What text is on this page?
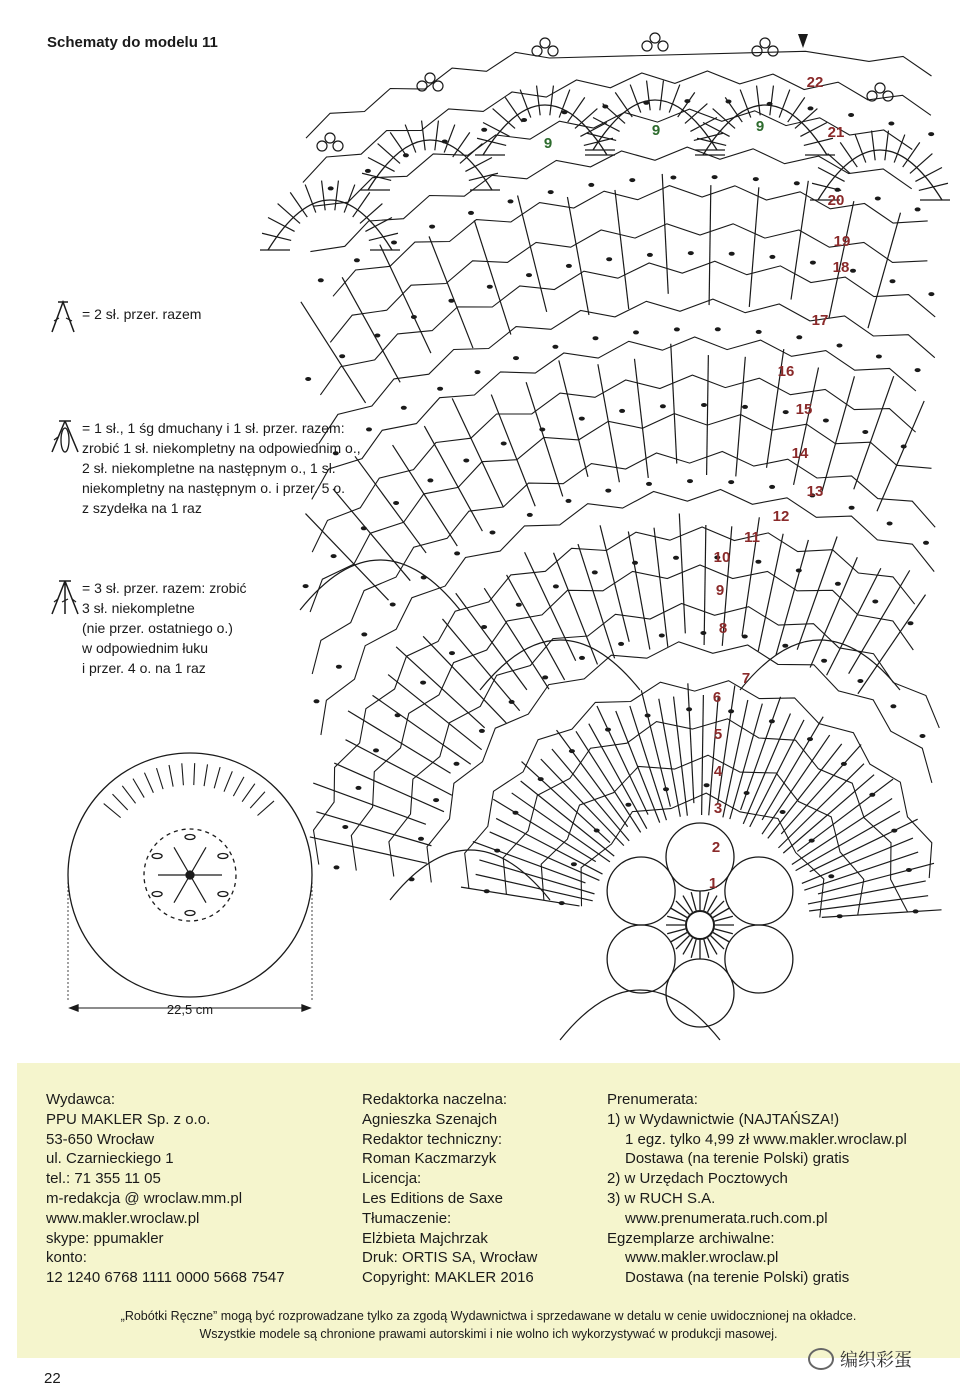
Schematy do modelu 11
1
2
3
4
5
6
7
8
9
10
11
12
13
14
15
16
17
18
19
20
21
22
9
9	9
= 2 sł. przer. razem
= 1 sł., 1 śg dmuchany i 1 sł. przer. razem:
zrobić 1 sł. niekompletny na odpowiednim o.,
2 sł. niekompletne na następnym o., 1 sł.
niekompletny na następnym o. i przer. 5 o.
z szydełka na 1 raz
= 3 sł. przer. razem: zrobić
3 sł. niekompletne
(nie przer. ostatniego o.)
w odpowiednim łuku
i przer. 4 o. na 1 raz
22,5 cm
Wydawca:
PPU MAKLER Sp. z o.o.
53-650 Wrocław
ul. Czarnieckiego 1
tel.: 71 355 11 05
m-redakcja @ wroclaw.mm.pl
www.makler.wroclaw.pl
skype: ppumakler
konto:
12 1240 6768 1111 0000 5668 7547
Redaktorka naczelna:
Agnieszka Szenajch
Redaktor techniczny:
Roman Kaczmarzyk
Licencja:
Les Editions de Saxe
Tłumaczenie:
Elżbieta Majchrzak
Druk: ORTIS SA, Wrocław
Copyright: MAKLER 2016
Prenumerata:
1) w Wydawnictwie (NAJTAŃSZA!)
1 egz. tylko 4,99 zł www.makler.wroclaw.pl
Dostawa (na terenie Polski) gratis
2) w Urzędach Pocztowych
3) w RUCH S.A.
www.prenumerata.ruch.com.pl
Egzemplarze archiwalne:
www.makler.wroclaw.pl
Dostawa (na terenie Polski) gratis
„Robótki Ręczne” mogą być rozprowadzane tylko za zgodą Wydawnictwa i sprzedawane w detalu w cenie uwidocznionej na okładce.
Wszystkie modele są chronione prawami autorskimi i nie wolno ich wykorzystywać w produkcji masowej.
22
编织彩蛋
